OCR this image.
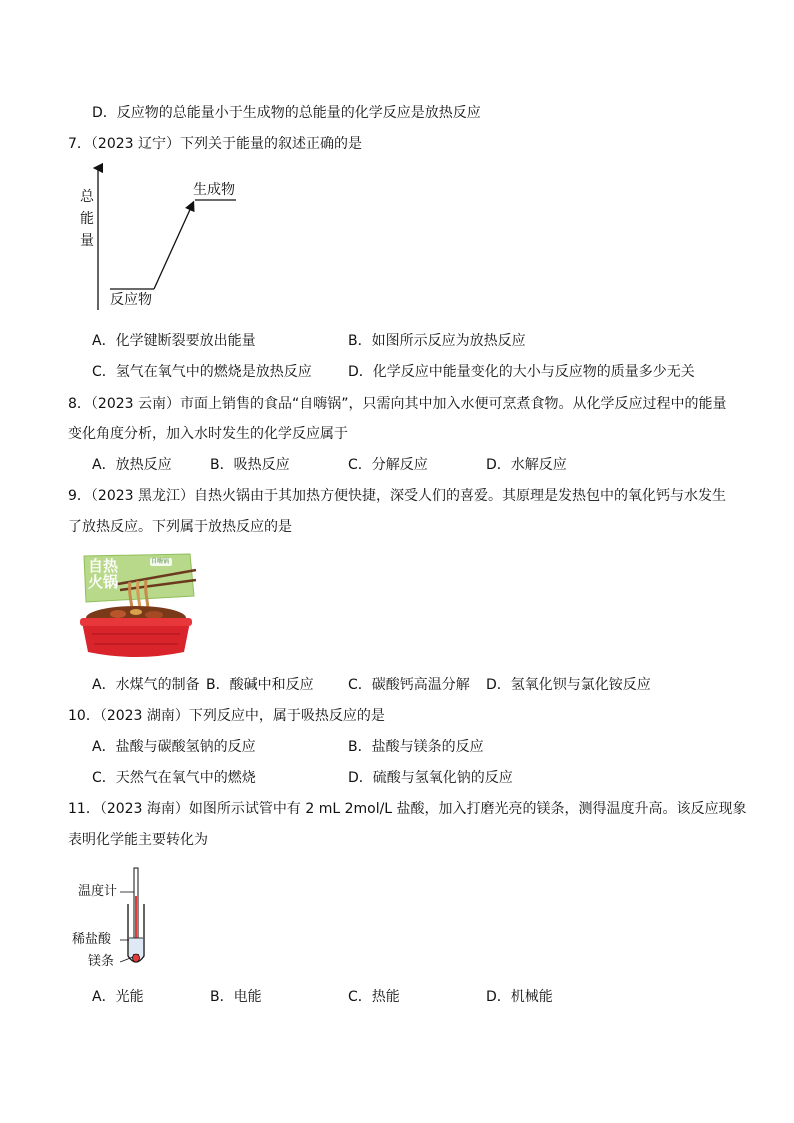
D．反应物的总能量小于生成物的总能量的化学反应是放热反应
7．（2023 辽宁）下列关于能量的叙述正确的是
总
能
量
生成物
反应物
A．化学键断裂要放出能量	B．如图所示反应为放热反应
C．氢气在氧气中的燃烧是放热反应	D．化学反应中能量变化的大小与反应物的质量多少无关
8．（2023 云南）市面上销售的食品“自嗨锅”，只需向其中加入水便可烹煮食物。从化学反应过程中的能量
变化角度分析，加入水时发生的化学反应属于
A．放热反应	B．吸热反应	C．分解反应	D．水解反应
9．（2023 黑龙江）自热火锅由于其加热方便快捷，深受人们的喜爱。其原理是发热包中的氧化钙与水发生
了放热反应。下列属于放热反应的是
自热火锅
自嗨锅
A．水煤气的制备 B．酸碱中和反应 C．碳酸钙高温分解 D．氢氧化钡与氯化铵反应
10．（2023 湖南）下列反应中，属于吸热反应的是
A．盐酸与碳酸氢钠的反应	B．盐酸与镁条的反应
C．天然气在氧气中的燃烧	D．硫酸与氢氧化钠的反应
11．（2023 海南）如图所示试管中有 2 mL 2mol/L 盐酸，加入打磨光亮的镁条，测得温度升高。该反应现象
表明化学能主要转化为
温度计
稀盐酸
镁条
A．光能	B．电能	C．热能	D．机械能
